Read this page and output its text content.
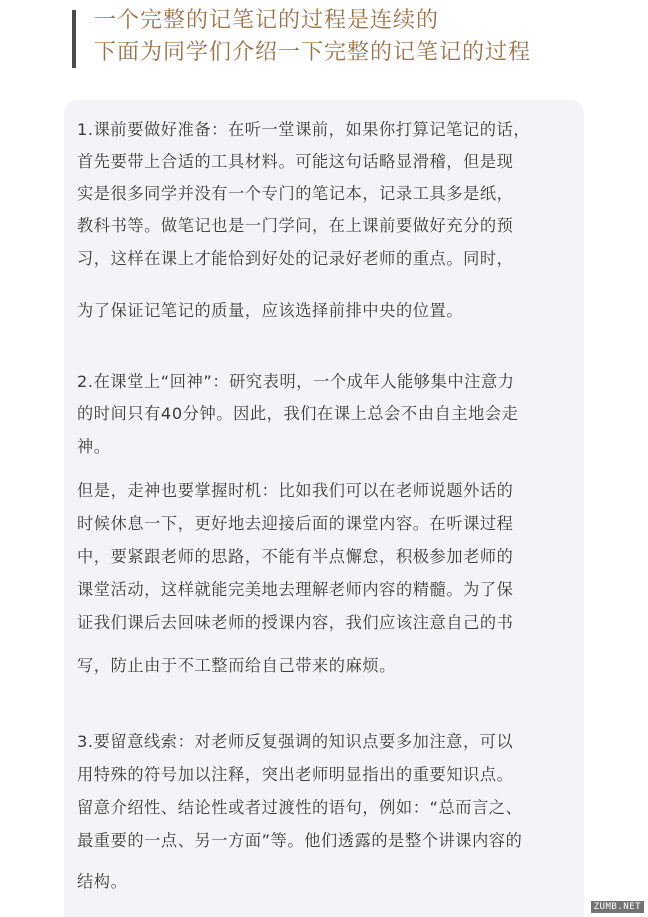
一个完整的记笔记的过程是连续的
下面为同学们介绍一下完整的记笔记的过程
1.课前要做好准备：在听一堂课前，如果你打算记笔记的话，
首先要带上合适的工具材料。可能这句话略显滑稽，但是现
实是很多同学并没有一个专门的笔记本，记录工具多是纸，
教科书等。做笔记也是一门学问，在上课前要做好充分的预
习，这样在课上才能恰到好处的记录好老师的重点。同时，
为了保证记笔记的质量，应该选择前排中央的位置。
2.在课堂上“回神”：研究表明，一个成年人能够集中注意力
的时间只有40分钟。因此，我们在课上总会不由自主地会走
神。
但是，走神也要掌握时机：比如我们可以在老师说题外话的
时候休息一下，更好地去迎接后面的课堂内容。在听课过程
中，要紧跟老师的思路，不能有半点懈怠，积极参加老师的
课堂活动，这样就能完美地去理解老师内容的精髓。为了保
证我们课后去回味老师的授课内容，我们应该注意自己的书
写，防止由于不工整而给自己带来的麻烦。
3.要留意线索：对老师反复强调的知识点要多加注意，可以
用特殊的符号加以注释，突出老师明显指出的重要知识点。
留意介绍性、结论性或者过渡性的语句，例如：“总而言之、
最重要的一点、另一方面”等。他们透露的是整个讲课内容的
结构。
ZUMB.NET
